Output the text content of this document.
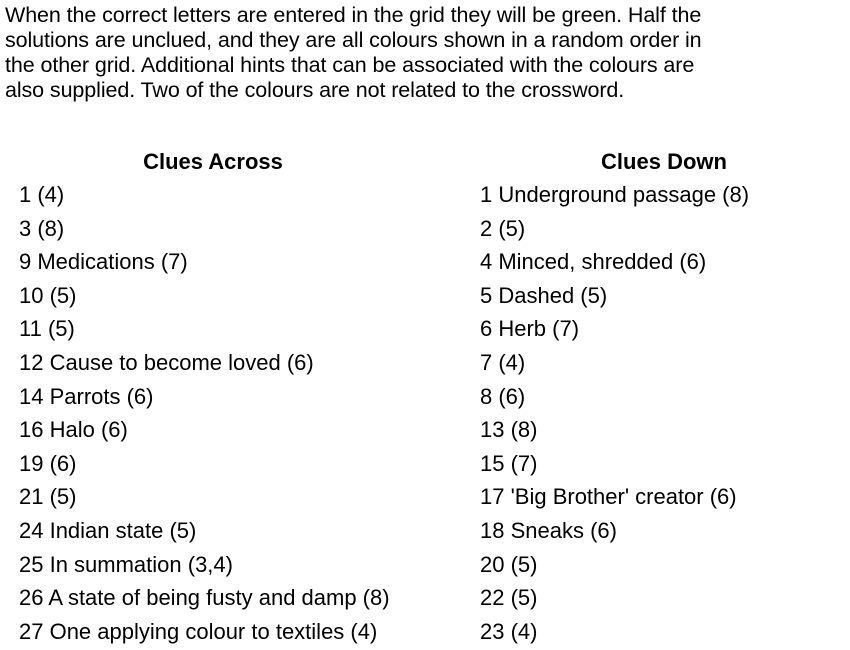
When the correct letters are entered in the grid they will be green. Half the
solutions are unclued, and they are all colours shown in a random order in
the other grid. Additional hints that can be associated with the colours are
also supplied. Two of the colours are not related to the crossword.
Clues Across
1 (4)
3 (8)
9 Medications (7)
10 (5)
11 (5)
12 Cause to become loved (6)
14 Parrots (6)
16 Halo (6)
19 (6)
21 (5)
24 Indian state (5)
25 In summation (3,4)
26 A state of being fusty and damp (8)
27 One applying colour to textiles (4)
Clues Down
1 Underground passage (8)
2 (5)
4 Minced, shredded (6)
5 Dashed (5)
6 Herb (7)
7 (4)
8 (6)
13 (8)
15 (7)
17 'Big Brother' creator (6)
18 Sneaks (6)
20 (5)
22 (5)
23 (4)
